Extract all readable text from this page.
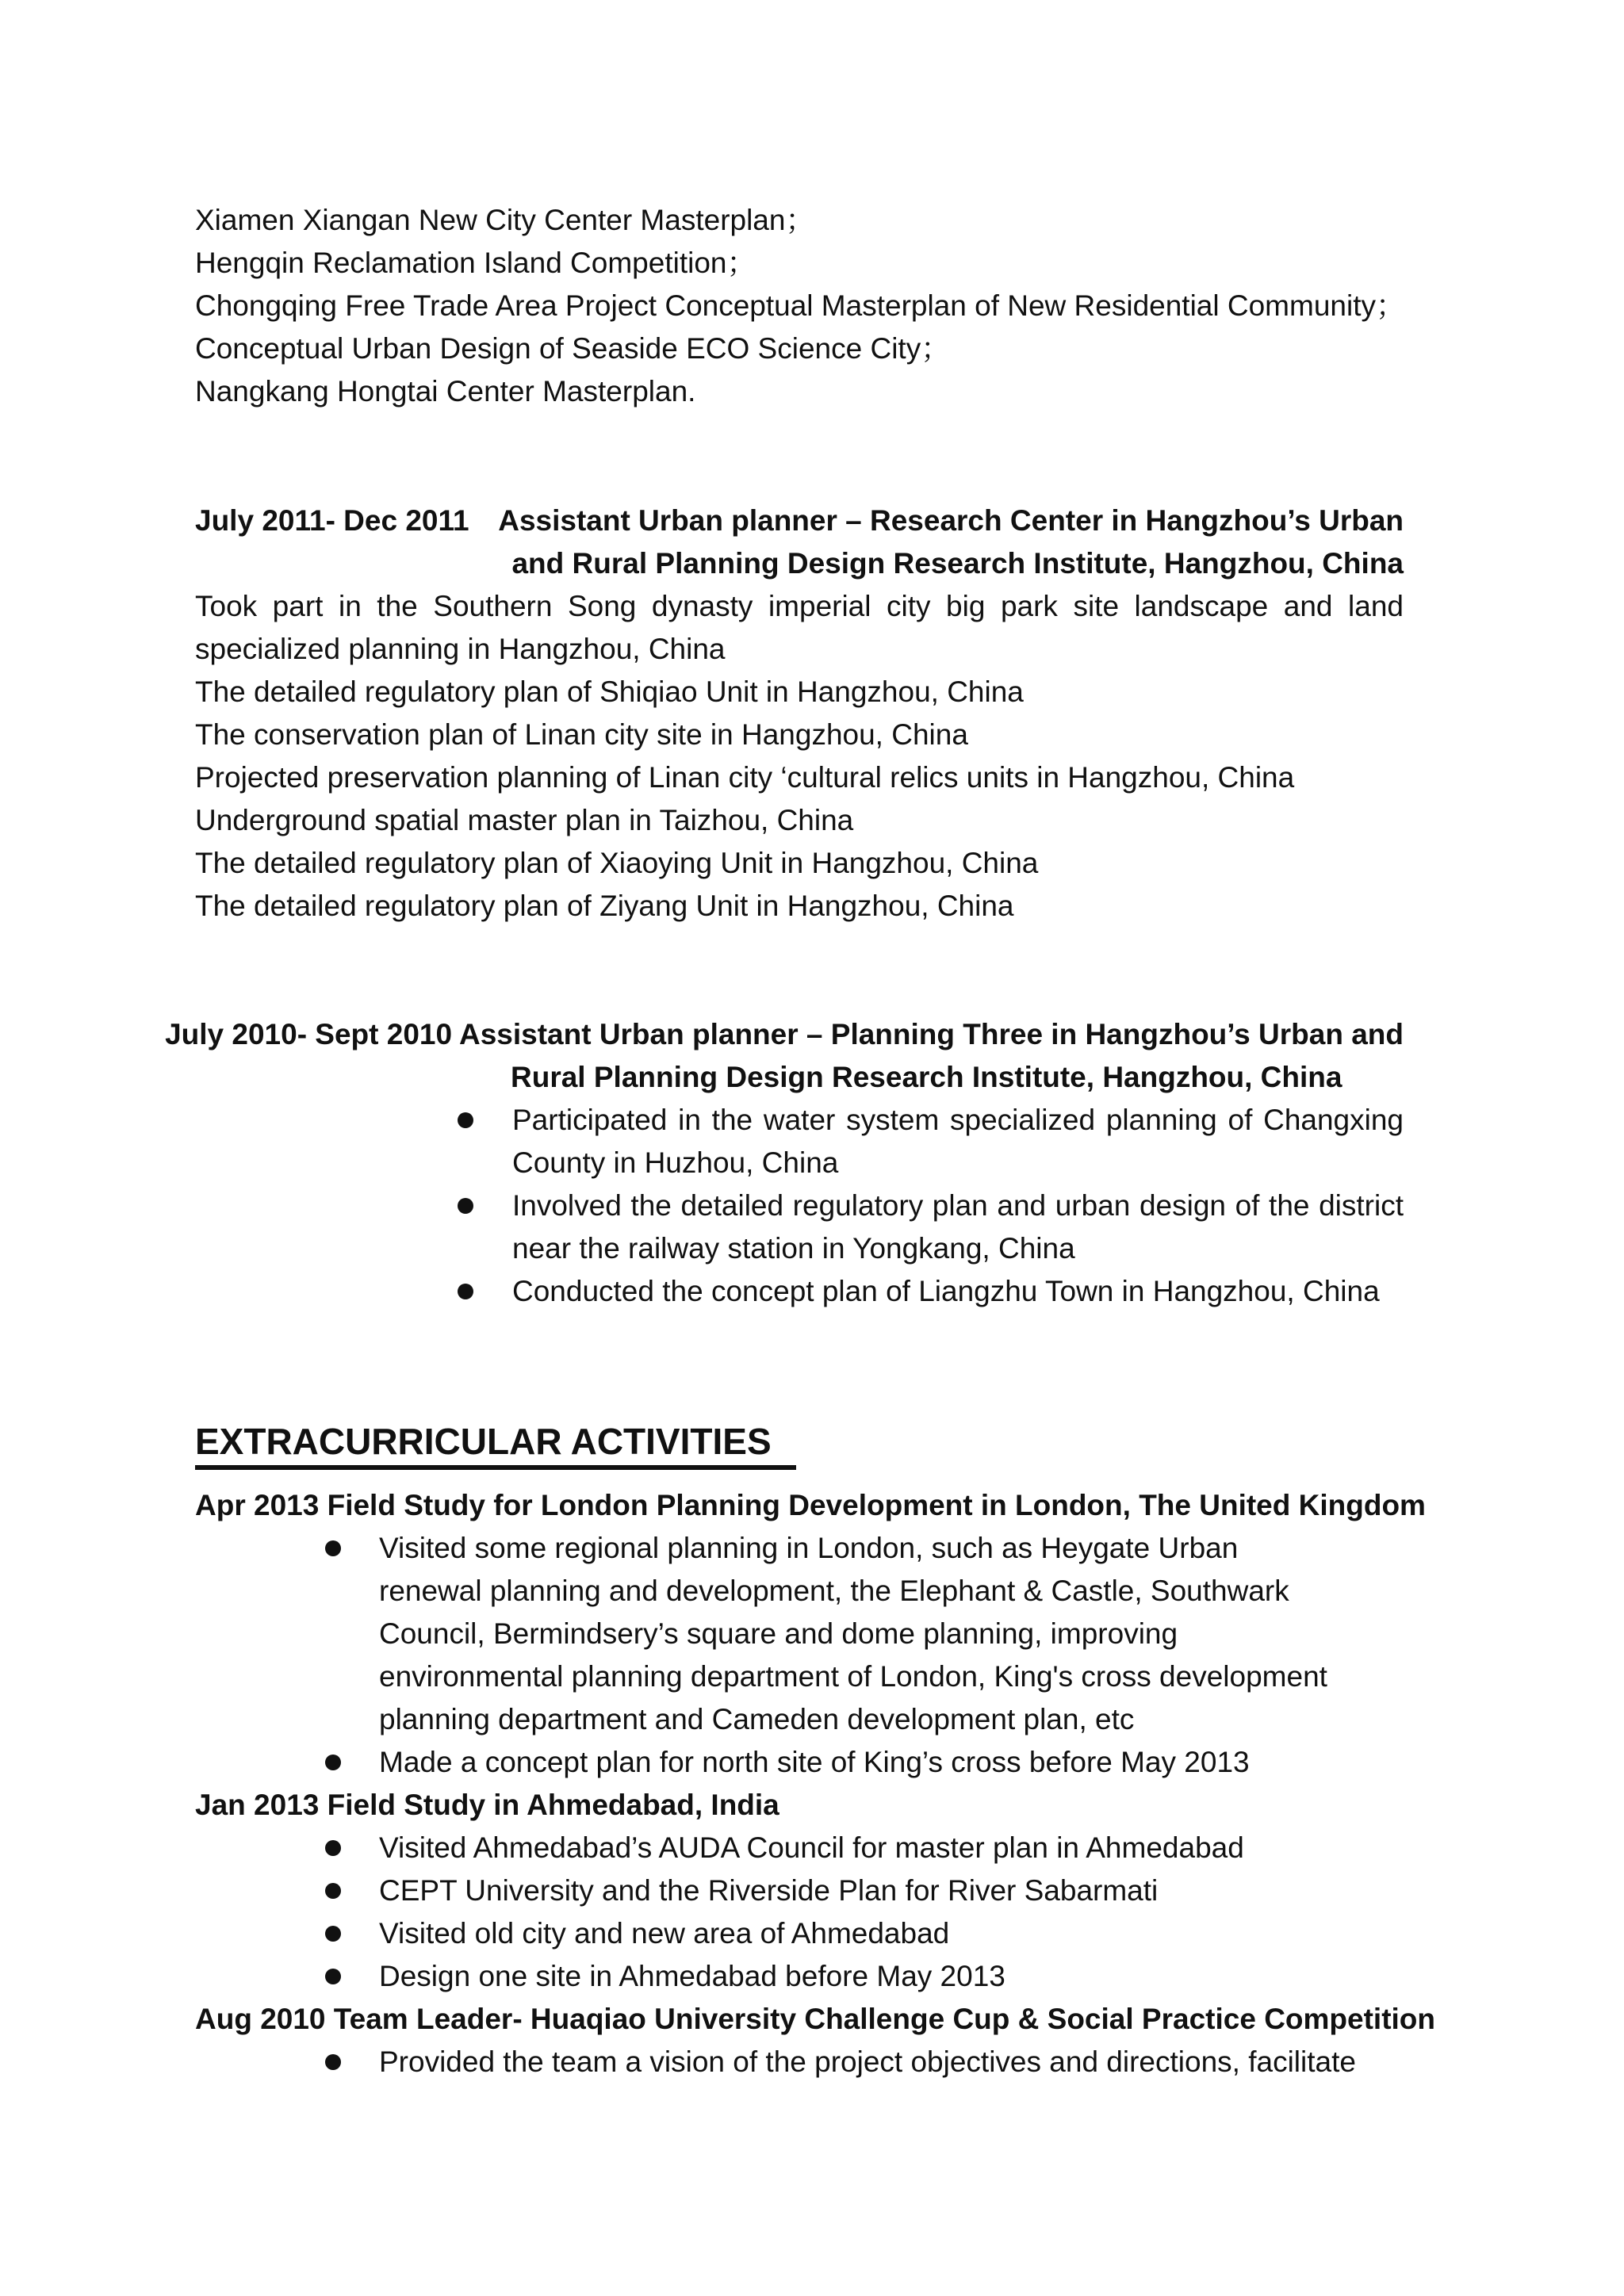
Xiamen Xiangan New City Center Masterplan；
Hengqin Reclamation Island Competition；
Chongqing Free Trade Area Project Conceptual Masterplan of New Residential Community；
Conceptual Urban Design of Seaside ECO Science City；
Nangkang Hongtai Center Masterplan.
July 2011- Dec 2011 Assistant Urban planner – Research Center in Hangzhou’s Urban
and Rural Planning Design Research Institute, Hangzhou, China
Took part in the Southern Song dynasty imperial city big park site landscape and land specialized planning in Hangzhou, China
The detailed regulatory plan of Shiqiao Unit in Hangzhou, China
The conservation plan of Linan city site in Hangzhou, China
Projected preservation planning of Linan city ‘cultural relics units in Hangzhou, China
Underground spatial master plan in Taizhou, China
The detailed regulatory plan of Xiaoying Unit in Hangzhou, China
The detailed regulatory plan of Ziyang Unit in Hangzhou, China
July 2010- Sept 2010 Assistant Urban planner – Planning Three in Hangzhou’s Urban and
Rural Planning Design Research Institute, Hangzhou, China
Participated in the water system specialized planning of Changxing County in Huzhou, China
Involved the detailed regulatory plan and urban design of the district near the railway station in Yongkang, China
Conducted the concept plan of Liangzhu Town in Hangzhou, China
EXTRACURRICULAR ACTIVITIES
Apr 2013 Field Study for London Planning Development in London, The United Kingdom
Visited some regional planning in London, such as Heygate Urban renewal planning and development, the Elephant & Castle, Southwark Council, Bermindsery’s square and dome planning, improving environmental planning department of London, King's cross development planning department and Cameden development plan, etc
Made a concept plan for north site of King’s cross before May 2013
Jan 2013 Field Study in Ahmedabad, India
Visited Ahmedabad’s AUDA Council for master plan in Ahmedabad
CEPT University and the Riverside Plan for River Sabarmati
Visited old city and new area of Ahmedabad
Design one site in Ahmedabad before May 2013
Aug 2010 Team Leader- Huaqiao University Challenge Cup & Social Practice Competition
Provided the team a vision of the project objectives and directions, facilitate
